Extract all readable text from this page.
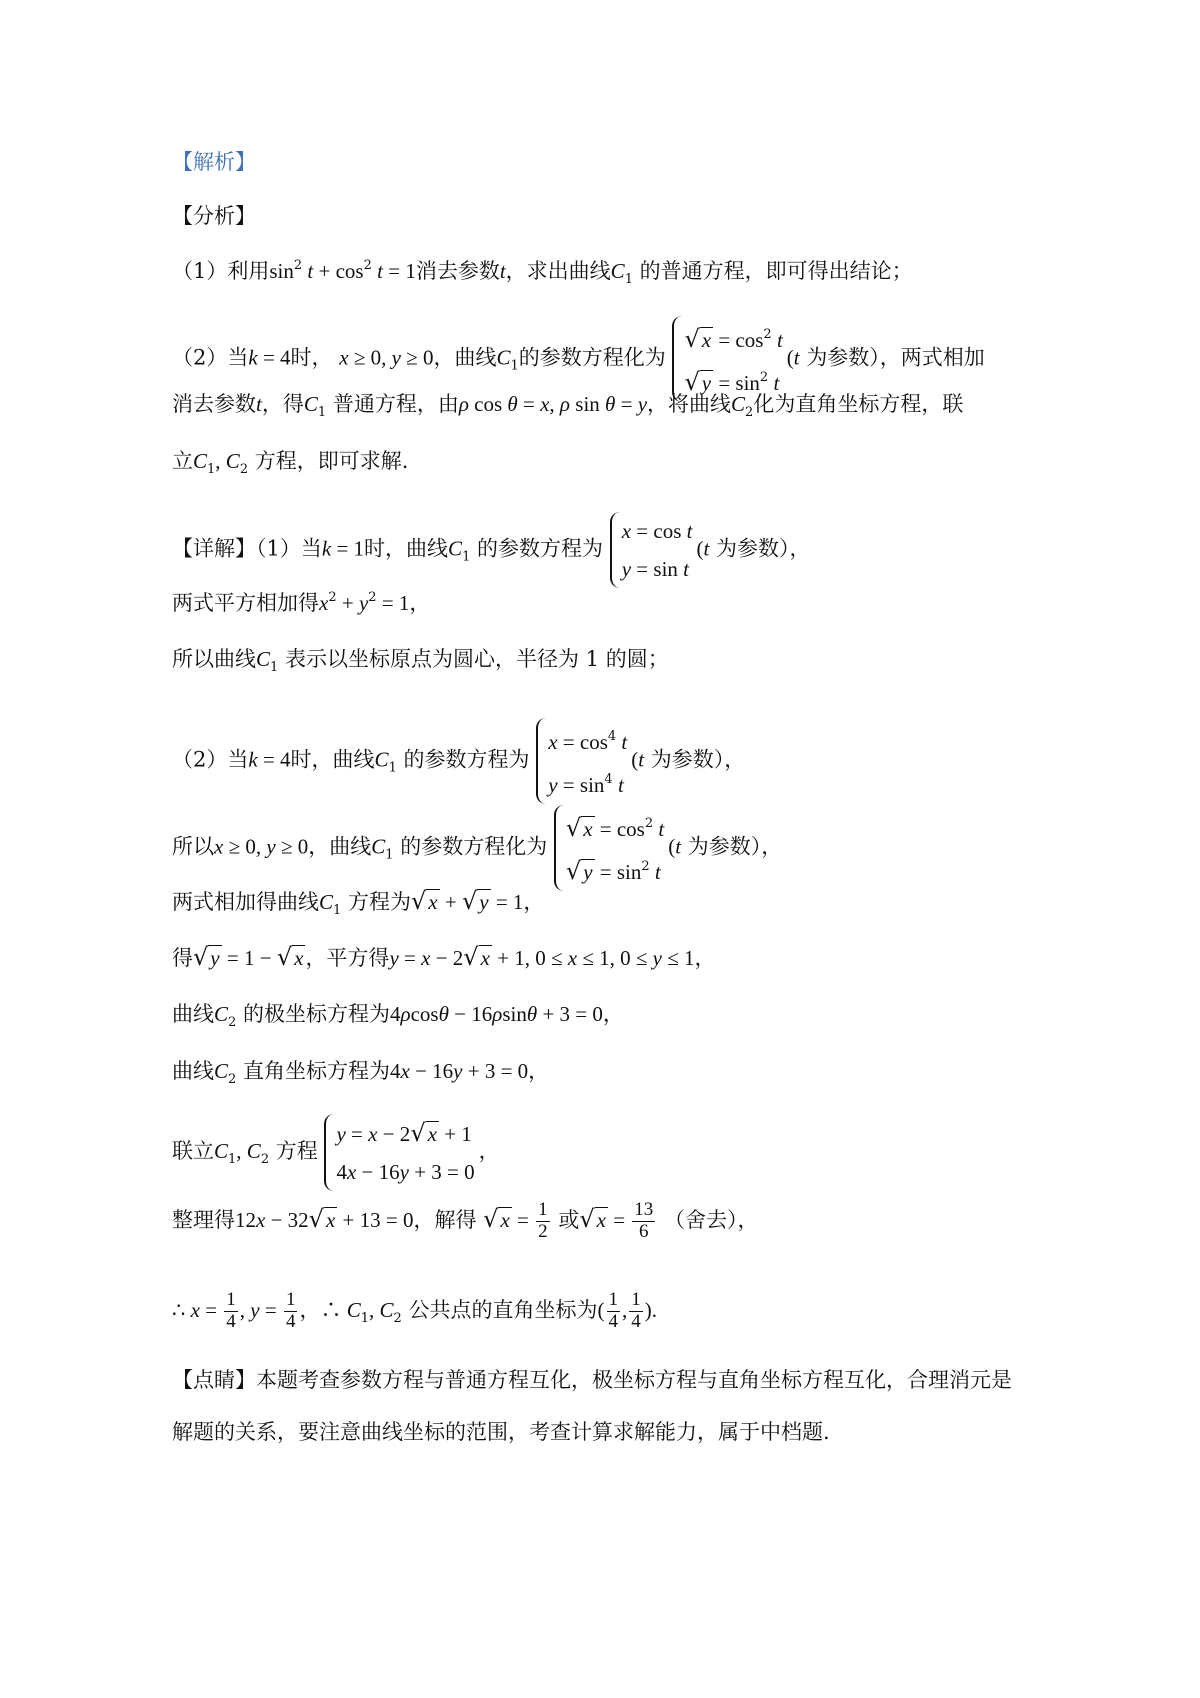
【解析】
【分析】
（1）利用$\sin^2 t + \cos^2 t = 1$消去参数t，求出曲线$C_1$ 的普通方程，即可得出结论；
（2）当k = 4时， x ≥ 0, y ≥ 0，曲线$C_1$的参数方程化为
$√x = \cos^2 t$
$√y = \sin^2 t$
(t 为参数），两式相加
消去参数t，得$C_1$ 普通方程，由ρ cos θ = x, ρ sin θ = y，将曲线$C_2$化为直角坐标方程，联
立$C_1$, $C_2$ 方程，即可求解.
【详解】（1）当k = 1时，曲线$C_1$ 的参数方程为
x = cos t
y = sin t
(t 为参数），
两式平方相加得$x^2 + y^2 = 1$，
所以曲线$C_1$ 表示以坐标原点为圆心，半径为 1 的圆；
（2）当k = 4时，曲线$C_1$ 的参数方程为
$x = \cos^4 t$
$y = \sin^4 t$
(t 为参数），
所以x ≥ 0, y ≥ 0，曲线$C_1$ 的参数方程化为
$√x = \cos^2 t$
$√y = \sin^2 t$
(t 为参数），
两式相加得曲线$C_1$ 方程为√x + √y = 1，
得√y = 1 − √x，平方得y = x − 2√x + 1, 0 ≤ x ≤ 1, 0 ≤ y ≤ 1，
曲线$C_2$ 的极坐标方程为4ρcosθ − 16ρsinθ + 3 = 0，
曲线$C_2$ 直角坐标方程为4x − 16y + 3 = 0，
联立$C_1$, $C_2$ 方程
y = x − 2√x + 1
4x − 16y + 3 = 0
，
整理得12x − 32√x + 13 = 0，解得 $√x = \frac{1}{2}$ 或$√x = \frac{13}{6}$ （舍去），
∴ $x = \frac{1}{4}$ , $y = \frac{1}{4}$ ，∴ $C_1$, $C_2$ 公共点的直角坐标为( $\frac{1}{4}$ , $\frac{1}{4}$ ).
【点睛】本题考查参数方程与普通方程互化，极坐标方程与直角坐标方程互化，合理消元是
解题的关系，要注意曲线坐标的范围，考查计算求解能力，属于中档题.
